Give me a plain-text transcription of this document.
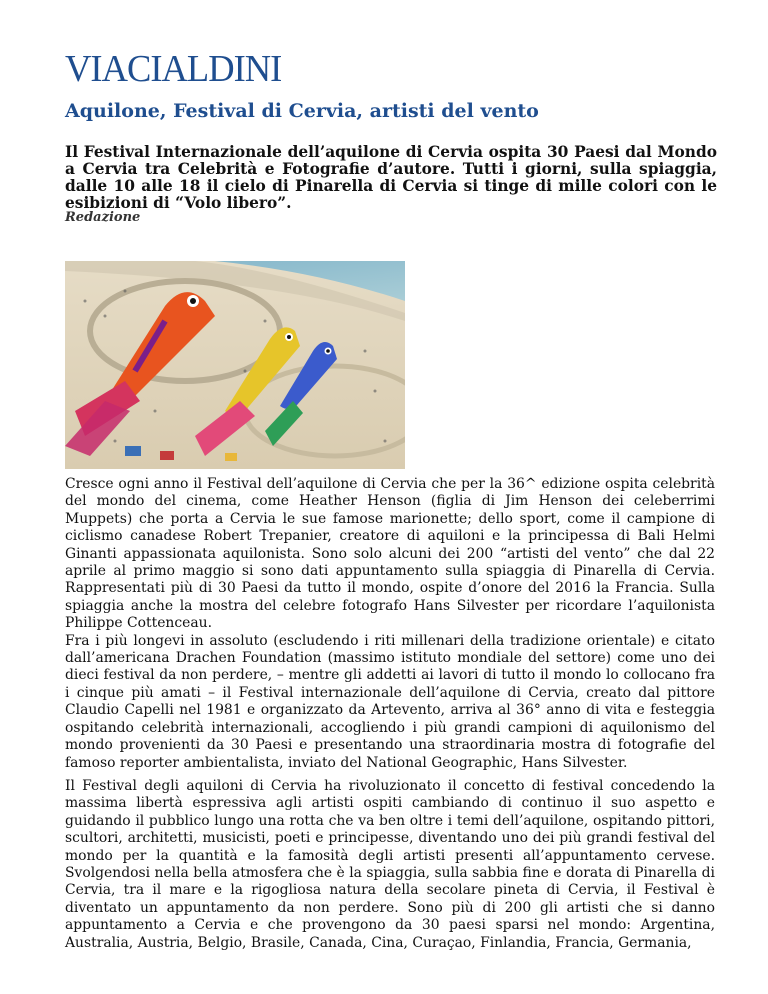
VIACIALDINI
Aquilone, Festival di Cervia, artisti del vento

Il Festival Internazionale dell’aquilone di Cervia ospita 30 Paesi dal Mondo a Cervia tra Celebrità e Fotografie d’autore. Tutti i giorni, sulla spiaggia, dalle 10 alle 18 il cielo di Pinarella di Cervia si tinge di mille colori con le esibizioni di “Volo libero”.

Redazione

Cresce ogni anno il Festival dell’aquilone di Cervia che per la 36^ edizione ospita celebrità del mondo del cinema, come Heather Henson (figlia di Jim Henson dei celeberrimi Muppets) che porta a Cervia le sue famose marionette; dello sport, come il campione di ciclismo canadese Robert Trepanier, creatore di aquiloni e la principessa di Bali Helmi Ginanti appassionata aquilonista. Sono solo alcuni dei 200 “artisti del vento” che dal 22 aprile al primo maggio si sono dati appuntamento sulla spiaggia di Pinarella di Cervia. Rappresentati più di 30 Paesi da tutto il mondo, ospite d’onore del 2016 la Francia. Sulla spiaggia anche la mostra del celebre fotografo Hans Silvester per ricordare l’aquilonista Philippe Cottenceau.

Fra i più longevi in assoluto (escludendo i riti millenari della tradizione orientale) e citato dall’americana Drachen Foundation (massimo istituto mondiale del settore) come uno dei dieci festival da non perdere, – mentre gli addetti ai lavori di tutto il mondo lo collocano fra i cinque più amati – il Festival internazionale dell’aquilone di Cervia, creato dal pittore Claudio Capelli nel 1981 e organizzato da Artevento, arriva al 36° anno di vita e festeggia ospitando celebrità internazionali, accogliendo i più grandi campioni di aquilonismo del mondo provenienti da 30 Paesi e presentando una straordinaria mostra di fotografie del famoso reporter ambientalista, inviato del National Geographic, Hans Silvester.

Il Festival degli aquiloni di Cervia ha rivoluzionato il concetto di festival concedendo la massima libertà espressiva agli artisti ospiti cambiando di continuo il suo aspetto e guidando il pubblico lungo una rotta che va ben oltre i temi dell’aquilone, ospitando pittori, scultori, architetti, musicisti, poeti e principesse, diventando uno dei più grandi festival del mondo per la quantità e la famosità degli artisti presenti all’appuntamento cervese. Svolgendosi nella bella atmosfera che è la spiaggia, sulla sabbia fine e dorata di Pinarella di Cervia, tra il mare e la rigogliosa natura della secolare pineta di Cervia, il Festival è diventato un appuntamento da non perdere. Sono più di 200 gli artisti che si danno appuntamento a Cervia e che provengono da 30 paesi sparsi nel mondo: Argentina, Australia, Austria, Belgio, Brasile, Canada, Cina, Curaçao, Finlandia, Francia, Germania,
